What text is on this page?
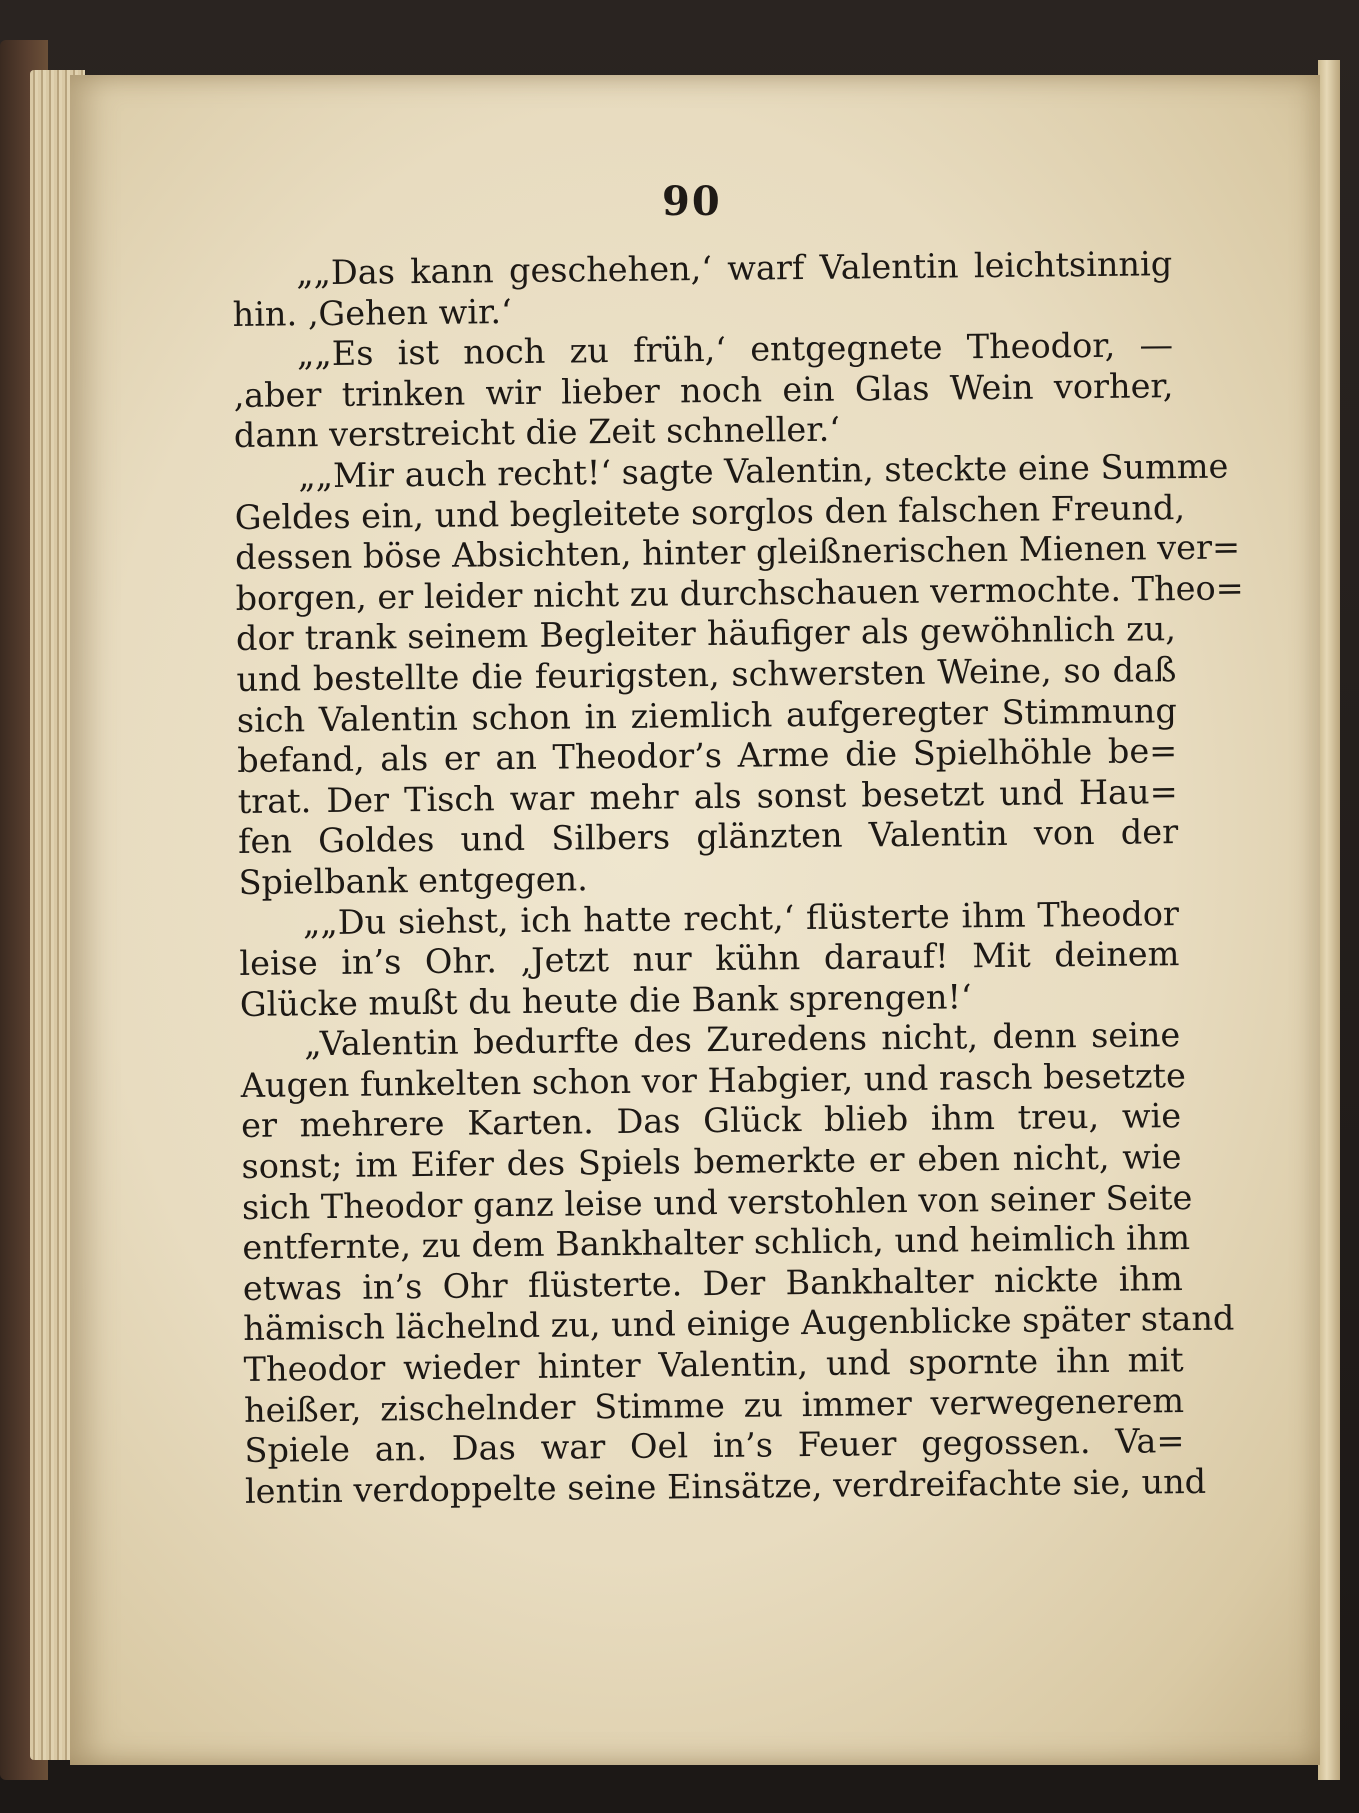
90
„„Das kann geschehen,‘ warf Valentin leichtsinnig
hin. ‚Gehen wir.‘
„„Es ist noch zu früh,‘ entgegnete Theodor, —
‚aber trinken wir lieber noch ein Glas Wein vorher,
dann verstreicht die Zeit schneller.‘
„„Mir auch recht!‘ sagte Valentin, steckte eine Summe
Geldes ein, und begleitete sorglos den falschen Freund,
dessen böse Absichten, hinter gleißnerischen Mienen ver=
borgen, er leider nicht zu durchschauen vermochte. Theo=
dor trank seinem Begleiter häufiger als gewöhnlich zu,
und bestellte die feurigsten, schwersten Weine, so daß
sich Valentin schon in ziemlich aufgeregter Stimmung
befand, als er an Theodor’s Arme die Spielhöhle be=
trat. Der Tisch war mehr als sonst besetzt und Hau=
fen Goldes und Silbers glänzten Valentin von der
Spielbank entgegen.
„„Du siehst, ich hatte recht,‘ flüsterte ihm Theodor
leise in’s Ohr. ‚Jetzt nur kühn darauf! Mit deinem
Glücke mußt du heute die Bank sprengen!‘
„Valentin bedurfte des Zuredens nicht, denn seine
Augen funkelten schon vor Habgier, und rasch besetzte
er mehrere Karten. Das Glück blieb ihm treu, wie
sonst; im Eifer des Spiels bemerkte er eben nicht, wie
sich Theodor ganz leise und verstohlen von seiner Seite
entfernte, zu dem Bankhalter schlich, und heimlich ihm
etwas in’s Ohr flüsterte. Der Bankhalter nickte ihm
hämisch lächelnd zu, und einige Augenblicke später stand
Theodor wieder hinter Valentin, und spornte ihn mit
heißer, zischelnder Stimme zu immer verwegenerem
Spiele an. Das war Oel in’s Feuer gegossen. Va=
lentin verdoppelte seine Einsätze, verdreifachte sie, und
